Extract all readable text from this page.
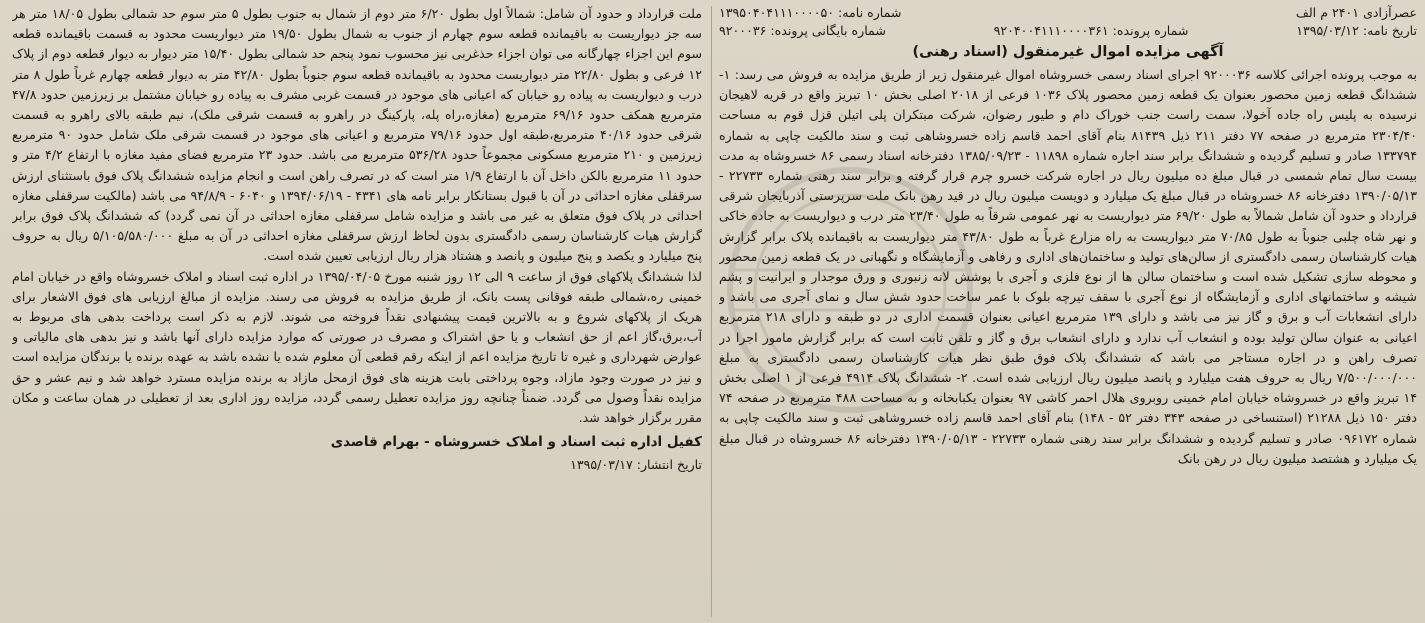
عصرآزادی ۲۴۰۱ م الف
شماره نامه: ۱۳۹۵۰۴۰۴۱۱۱۰۰۰۰۵۰
تاریخ نامه: ۱۳۹۵/۰۳/۱۲
شماره پرونده: ۹۲۰۴۰۰۴۱۱۱۰۰۰۰۳۶۱
شماره بایگانی پرونده: ۹۲۰۰۰۳۶
آگهی مزایده اموال غیرمنقول (اسناد رهنی)

به موجب پرونده اجرائی کلاسه ۹۲۰۰۰۳۶ اجرای اسناد رسمی خسروشاه اموال غیرمنقول زیر از طریق مزایده به فروش می رسد: ۱- ششدانگ قطعه زمین محصور بعنوان یک قطعه زمین محصور پلاک ۱۰۳۶ فرعی از ۲۰۱۸ اصلی بخش ۱۰ تبریز واقع در قریه لاهیجان نرسیده به پلیس راه جاده آخولا، سمت راست جنب خوراک دام و طیور رضوان، شرکت مبتکران پلی اتیلن قزل قوم به مساحت ۲۳۰۴/۴۰ مترمربع در صفحه ۷۷ دفتر ۲۱۱ ذیل ۸۱۴۳۹ بنام آقای احمد قاسم زاده خسروشاهی ثبت و سند مالکیت چاپی به شماره ۱۳۳۷۹۴ صادر و تسلیم گردیده و ششدانگ برابر سند اجاره شماره ۱۱۸۹۸ - ۱۳۸۵/۰۹/۲۳ دفترخانه اسناد رسمی ۸۶ خسروشاه به مدت بیست سال تمام شمسی در قبال مبلغ ده میلیون ریال در اجاره شرکت خسرو چرم قرار گرفته و برابر سند رهنی شماره ۲۲۷۳۳ - ۱۳۹۰/۰۵/۱۳ دفترخانه ۸۶ خسروشاه در قبال مبلغ یک میلیارد و دویست میلیون ریال در قید رهن بانک ملت سرپرستی آذربایجان شرقی قرارداد و حدود آن شامل شمالاً به طول ۶۹/۲۰ متر دیواریست به نهر عمومی شرقاً به طول ۲۳/۴۰ متر درب و دیواریست به جاده خاکی و نهر شاه چلبی جنوباً به طول ۷۰/۸۵ متر دیواریست به راه مزارع غرباً به طول ۴۳/۸۰ متر دیواریست به باقیمانده پلاک برابر گزارش هیات کارشناسان رسمی دادگستری از سالن‌های تولید و ساختمان‌های اداری و رفاهی و آزمایشگاه و نگهبانی در یک قطعه زمین محصور و محوطه سازی تشکیل شده است و ساختمان سالن ها از نوع فلزی و آجری با پوشش لانه زنبوری و ورق موجدار و ایرانیت و پشم شیشه و ساختمانهای اداری و آزمایشگاه از نوع آجری با سقف تیرچه بلوک با عمر ساخت حدود شش سال و نمای آجری می باشد و دارای انشعابات آب و برق و گاز نیز می باشد و دارای ۱۳۹ مترمربع اعیانی بعنوان قسمت اداری در دو طبقه و دارای ۲۱۸ مترمربع اعیانی به عنوان سالن تولید بوده و انشعاب آب ندارد و دارای انشعاب برق و گاز و تلفن ثابت است که برابر گزارش مامور اجرا در تصرف راهن و در اجاره مستاجر می باشد که ششدانگ پلاک فوق طبق نظر هیات کارشناسان رسمی دادگستری به مبلغ ۷/۵۰۰/۰۰۰/۰۰۰ ریال به حروف هفت میلیارد و پانصد میلیون ریال ارزیابی شده است. ۲- ششدانگ پلاک ۴۹۱۴ فرعی از ۱ اصلی بخش ۱۴ تبریز واقع در خسروشاه خیابان امام خمینی روبروی هلال احمر کاشی ۹۷ بعنوان یکبابخانه و به مساحت ۴۸۸ مترمربع در صفحه ۷۴ دفتر ۱۵۰ ذیل ۲۱۲۸۸ (استنساخی در صفحه ۳۴۳ دفتر ۵۲ - ۱۴۸) بنام آقای احمد قاسم زاده خسروشاهی ثبت و سند مالکیت چاپی به شماره ۰۹۶۱۷۲ صادر و تسلیم گردیده و ششدانگ برابر سند رهنی شماره ۲۲۷۳۳ - ۱۳۹۰/۰۵/۱۳ دفترخانه ۸۶ خسروشاه در قبال مبلغ یک میلیارد و هشتصد میلیون ریال در رهن بانک

ملت قرارداد و حدود آن شامل: شمالاً اول بطول ۶/۲۰ متر دوم از شمال به جنوب بطول ۵ متر سوم حد شمالی بطول ۱۸/۰۵ متر هر سه جز دیواریست به باقیمانده قطعه سوم چهارم از جنوب به شمال بطول ۱۹/۵۰ متر دیواریست محدود به قسمت باقیمانده قطعه سوم این اجزاء چهارگانه می توان اجزاء حذغربی نیز محسوب نمود پنجم حد شمالی بطول ۱۵/۴۰ متر دیوار به دیوار قطعه دوم از پلاک ۱۲ فرعی و بطول ۲۲/۸۰ متر دیواریست محدود به باقیمانده قطعه سوم جنوباً بطول ۴۲/۸۰ متر به دیوار قطعه چهارم غرباً طول ۸ متر درب و دیواریست به پیاده رو خیابان که اعیانی های موجود در قسمت غربی مشرف به پیاده رو خیابان مشتمل بر زیرزمین حدود ۴۷/۸ مترمربع همکف حدود ۶۹/۱۶ مترمربع (مغازه،راه پله، پارکینگ در راهرو به قسمت شرقی ملک)، نیم طبقه بالای راهرو به قسمت شرقی حدود ۴۰/۱۶ مترمربع،طبقه اول حدود ۷۹/۱۶ مترمربع و اعیانی های موجود در قسمت شرقی ملک شامل حدود ۹۰ مترمربع زیرزمین و ۲۱۰ مترمربع مسکونی مجموعاً حدود ۵۳۶/۲۸ مترمربع می باشد. حدود ۲۳ مترمربع فضای مفید مغازه با ارتفاع ۴/۲ متر و حدود ۱۱ مترمربع بالکن داخل آن با ارتفاع ۱/۹ متر است که در تصرف راهن است و انجام مزایده ششدانگ پلاک فوق باستثنای ارزش سرقفلی مغازه احداثی در آن با قبول بستانکار برابر نامه های ۴۳۴۱ - ۱۳۹۴/۰۶/۱۹ و ۶۰۴۰ - ۹۴/۸/۹ می باشد (مالکیت سرقفلی مغازه احداثی در پلاک فوق متعلق به غیر می باشد و مزایده شامل سرقفلی مغازه احداثی در آن نمی گردد) که ششدانگ پلاک فوق برابر گزارش هیات کارشناسان رسمی دادگستری بدون لحاظ ارزش سرقفلی مغازه احداثی در آن به مبلغ ۵/۱۰۵/۵۸۰/۰۰۰ ریال به حروف پنج میلیارد و یکصد و پنج میلیون و پانصد و هشتاد هزار ریال ارزیابی تعیین شده است.

لذا ششدانگ پلاکهای فوق از ساعت ۹ الی ۱۲ روز شنبه مورخ ۱۳۹۵/۰۴/۰۵ در اداره ثبت اسناد و املاک خسروشاه واقع در خیابان امام خمینی ره،شمالی طبقه فوقانی پست بانک، از طریق مزایده به فروش می رسند. مزایده از مبالغ ارزیابی های فوق الاشعار برای هریک از پلاکهای شروع و به بالاترین قیمت پیشنهادی نقداً فروخته می شوند. لازم به ذکر است پرداخت بدهی های مربوط به آب،برق،گاز اعم از حق انشعاب و یا حق اشتراک و مصرف در صورتی که موارد مزایده دارای آنها باشد و نیز بدهی های مالیاتی و عوارض شهرداری و غیره تا تاریخ مزایده اعم از اینکه رقم قطعی آن معلوم شده یا نشده باشد به عهده برنده یا برندگان مزایده است و نیز در صورت وجود مازاد، وجوه پرداختی بابت هزینه های فوق ازمحل مازاد به برنده مزایده مسترد خواهد شد و نیم عشر و حق مزایده نقداً وصول می گردد. ضمناً چنانچه روز مزایده تعطیل رسمی گردد، مزایده روز اداری بعد از تعطیلی در همان ساعت و مکان مقرر برگزار خواهد شد.

کفیل اداره ثبت اسناد و املاک خسروشاه - بهرام قاصدی
تاریخ انتشار: ۱۳۹۵/۰۳/۱۷
